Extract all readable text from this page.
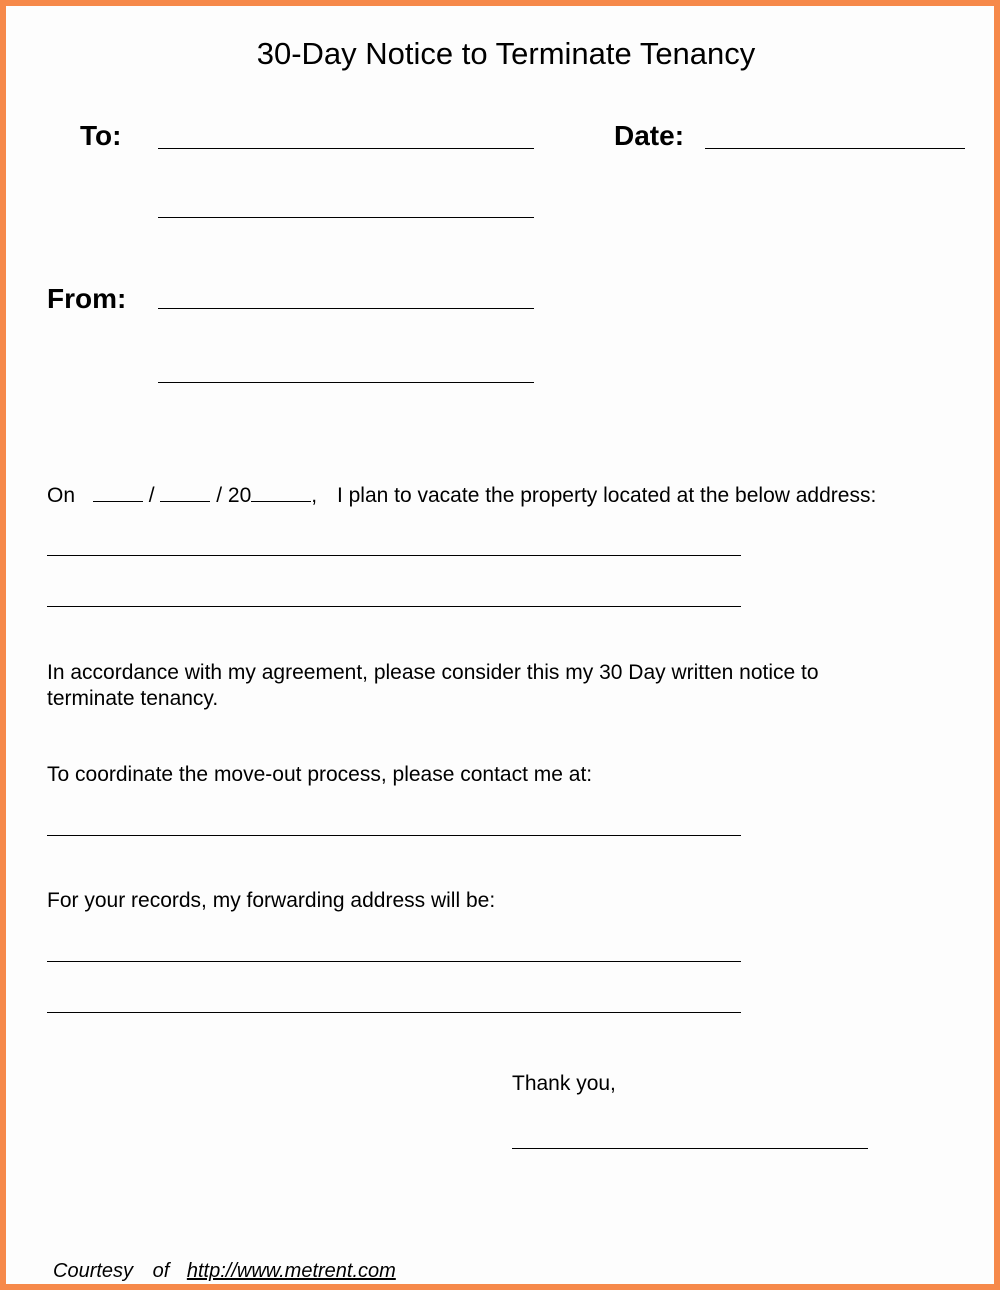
30-Day Notice to Terminate Tenancy
To:	Date:
From:
On	/	/ 20	, I plan to vacate the property located at the below address:
In accordance with my agreement, please consider this my 30 Day written notice to terminate tenancy.
To coordinate the move-out process, please contact me at:
For your records, my forwarding address will be:
Thank you,
Courtesy of http://www.metrent.com
